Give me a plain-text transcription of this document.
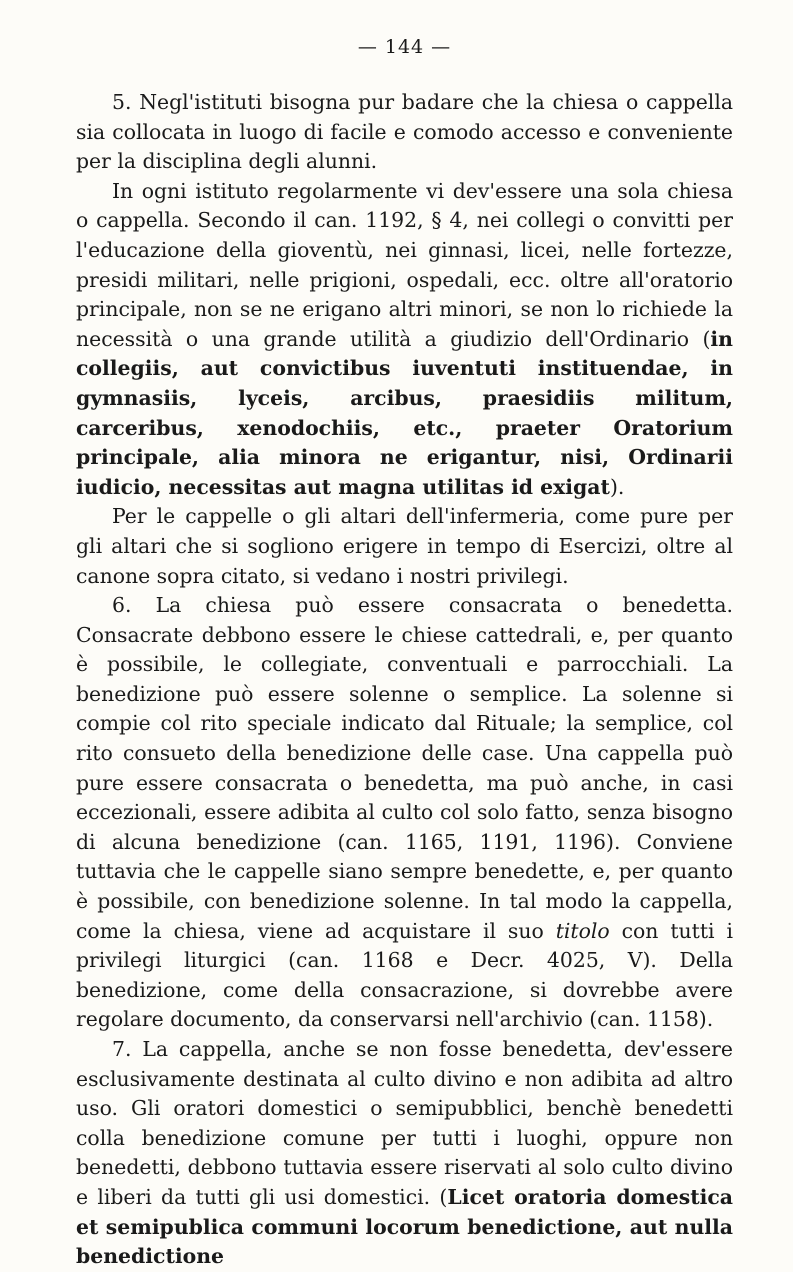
— 144 —

5. Negl'istituti bisogna pur badare che la chiesa o cappella sia collocata in luogo di facile e comodo accesso e conveniente per la disciplina degli alunni.

In ogni istituto regolarmente vi dev'essere una sola chiesa o cappella. Secondo il can. 1192, § 4, nei collegi o convitti per l'educazione della gioventù, nei ginnasi, licei, nelle fortezze, presidi militari, nelle prigioni, ospedali, ecc. oltre all'oratorio principale, non se ne erigano altri minori, se non lo richiede la necessità o una grande utilità a giudizio dell'Ordinario (in collegiis, aut convictibus iuventuti instituendae, in gymnasiis, lyceis, arcibus, praesidiis militum, carceribus, xenodochiis, etc., praeter Oratorium principale, alia minora ne erigantur, nisi, Ordinarii iudicio, necessitas aut magna utilitas id exigat).

Per le cappelle o gli altari dell'infermeria, come pure per gli altari che si sogliono erigere in tempo di Esercizi, oltre al canone sopra citato, si vedano i nostri privilegi.

6. La chiesa può essere consacrata o benedetta. Consacrate debbono essere le chiese cattedrali, e, per quanto è possibile, le collegiate, conventuali e parrocchiali. La benedizione può essere solenne o semplice. La solenne si compie col rito speciale indicato dal Rituale; la semplice, col rito consueto della benedizione delle case. Una cappella può pure essere consacrata o benedetta, ma può anche, in casi eccezionali, essere adibita al culto col solo fatto, senza bisogno di alcuna benedizione (can. 1165, 1191, 1196). Conviene tuttavia che le cappelle siano sempre benedette, e, per quanto è possibile, con benedizione solenne. In tal modo la cappella, come la chiesa, viene ad acquistare il suo titolo con tutti i privilegi liturgici (can. 1168 e Decr. 4025, V). Della benedizione, come della consacrazione, si dovrebbe avere regolare documento, da conservarsi nell'archivio (can. 1158).

7. La cappella, anche se non fosse benedetta, dev'essere esclusivamente destinata al culto divino e non adibita ad altro uso. Gli oratori domestici o semipubblici, benchè benedetti colla benedizione comune per tutti i luoghi, oppure non benedetti, debbono tuttavia essere riservati al solo culto divino e liberi da tutti gli usi domestici. (Licet oratoria domestica et semipublica communi locorum benedictione, aut nulla benedictione
